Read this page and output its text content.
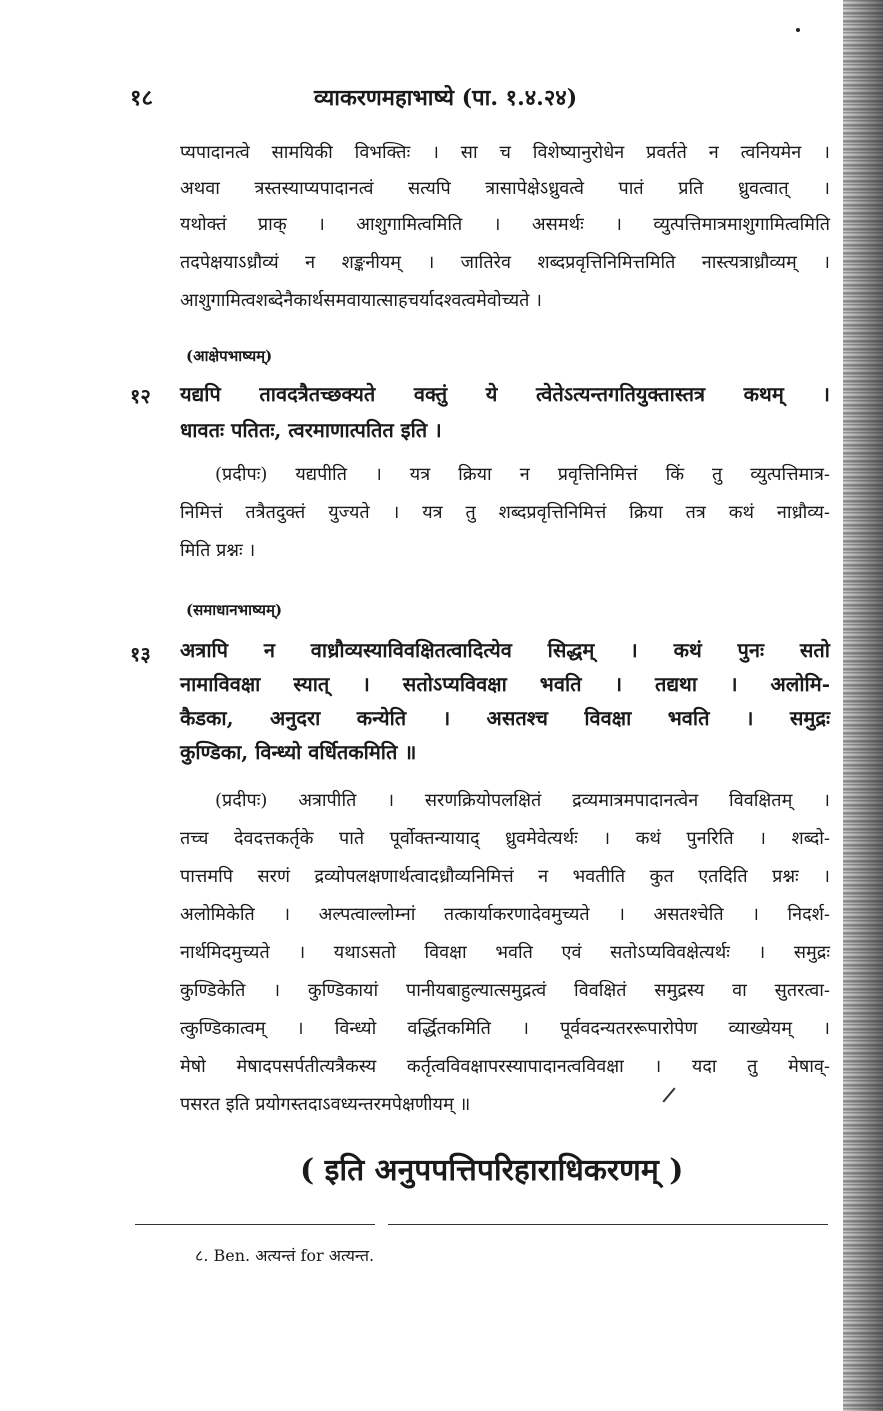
१८	व्याकरणमहाभाष्ये (पा. १.४.२४)
प्यपादानत्वे सामयिकी विभक्तिः । सा च विशेष्यानुरोधेन प्रवर्तते न त्वनियमेन ।
अथवा त्रस्तस्याप्यपादानत्वं सत्यपि त्रासापेक्षेऽध्रुवत्वे पातं प्रति ध्रुवत्वात् ।
यथोक्तं प्राक् । आशुगामित्वमिति । असमर्थः । व्युत्पत्तिमात्रमाशुगामित्वमिति
तदपेक्षयाऽध्रौव्यं न शङ्कनीयम् । जातिरेव शब्दप्रवृत्तिनिमित्तमिति नास्त्यत्राध्रौव्यम् ।
आशुगामित्वशब्देनैकार्थसमवायात्साहचर्यादश्वत्वमेवोच्यते ।
(आक्षेपभाष्यम्)
१२ यद्यपि तावदत्रैतच्छक्यते वक्तुं ये त्वेतेऽत्यन्तगतियुक्तास्तत्र कथम् ।
धावतः पतितः, त्वरमाणात्पतित इति ।
(प्रदीपः) यद्यपीति । यत्र क्रिया न प्रवृत्तिनिमित्तं किं तु व्युत्पत्तिमात्र-
निमित्तं तत्रैतदुक्तं युज्यते । यत्र तु शब्दप्रवृत्तिनिमित्तं क्रिया तत्र कथं नाध्रौव्य-
मिति प्रश्नः ।
(समाधानभाष्यम्)
१३ अत्रापि न वाध्रौव्यस्याविवक्षितत्वादित्येव सिद्धम् । कथं पुनः सतो
नामाविवक्षा स्यात् । सतोऽप्यविवक्षा भवति । तद्यथा । अलोमि-
कैडका, अनुदरा कन्येति । असतश्च विवक्षा भवति । समुद्रः
कुण्डिका, विन्ध्यो वर्धितकमिति ॥
(प्रदीपः) अत्रापीति । सरणक्रियोपलक्षितं द्रव्यमात्रमपादानत्वेन विवक्षितम् ।
तच्च देवदत्तकर्तृके पाते पूर्वोक्तन्यायाद् ध्रुवमेवेत्यर्थः । कथं पुनरिति । शब्दो-
पात्तमपि सरणं द्रव्योपलक्षणार्थत्वादध्रौव्यनिमित्तं न भवतीति कुत एतदिति प्रश्नः ।
अलोमिकेति । अल्पत्वाल्लोम्नां तत्कार्याकरणादेवमुच्यते । असतश्चेति । निदर्श-
नार्थमिदमुच्यते । यथाऽसतो विवक्षा भवति एवं सतोऽप्यविवक्षेत्यर्थः । समुद्रः
कुण्डिकेति । कुण्डिकायां पानीयबाहुल्यात्समुद्रत्वं विवक्षितं समुद्रस्य वा सुतरत्वा-
त्कुण्डिकात्वम् । विन्ध्यो वर्द्धितकमिति । पूर्ववदन्यतररूपारोपेण व्याख्येयम् ।
मेषो मेषादपसर्पतीत्यत्रैकस्य कर्तृत्वविवक्षापरस्यापादानत्वविवक्षा । यदा तु मेषाव्-
पसरत इति प्रयोगस्तदाऽवध्यन्तरमपेक्षणीयम् ॥
( इति अनुपपत्तिपरिहाराधिकरणम् )
८. Ben. अत्यन्तं for अत्यन्त.
